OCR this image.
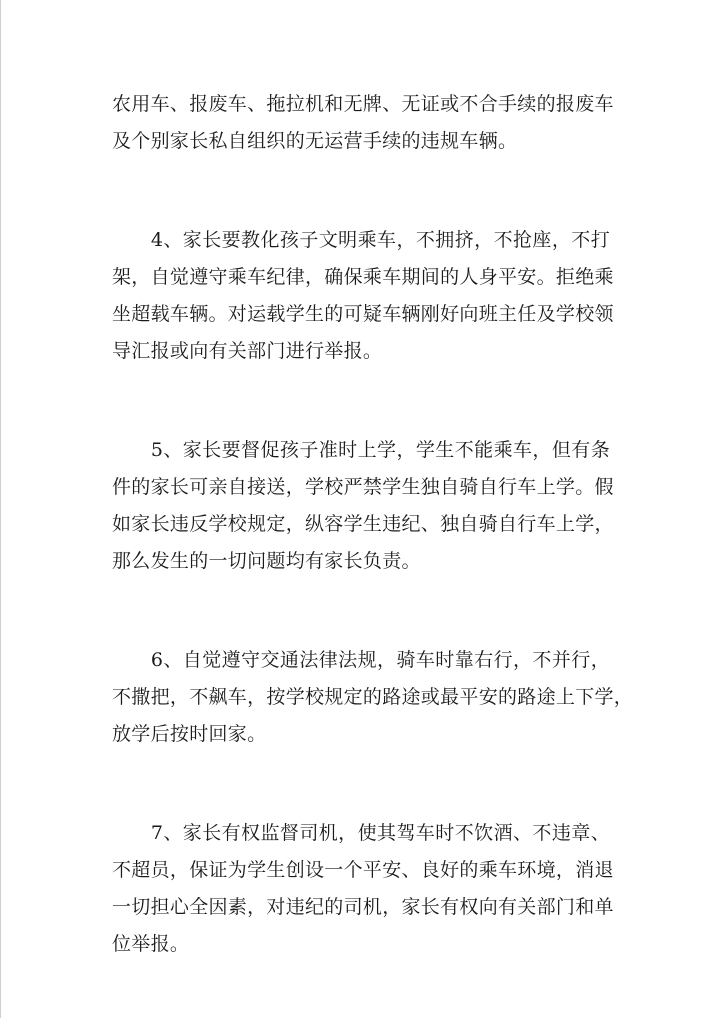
农用车、报废车、拖拉机和无牌、无证或不合手续的报废车
及个别家长私自组织的无运营手续的违规车辆。
　　4、家长要教化孩子文明乘车，不拥挤，不抢座，不打
架，自觉遵守乘车纪律，确保乘车期间的人身平安。拒绝乘
坐超载车辆。对运载学生的可疑车辆刚好向班主任及学校领
导汇报或向有关部门进行举报。
　　5、家长要督促孩子准时上学，学生不能乘车，但有条
件的家长可亲自接送，学校严禁学生独自骑自行车上学。假
如家长违反学校规定，纵容学生违纪、独自骑自行车上学，
那么发生的一切问题均有家长负责。
　　6、自觉遵守交通法律法规，骑车时靠右行，不并行，
不撒把，不飙车，按学校规定的路途或最平安的路途上下学，
放学后按时回家。
　　7、家长有权监督司机，使其驾车时不饮酒、不违章、
不超员，保证为学生创设一个平安、良好的乘车环境，消退
一切担心全因素，对违纪的司机，家长有权向有关部门和单
位举报。
